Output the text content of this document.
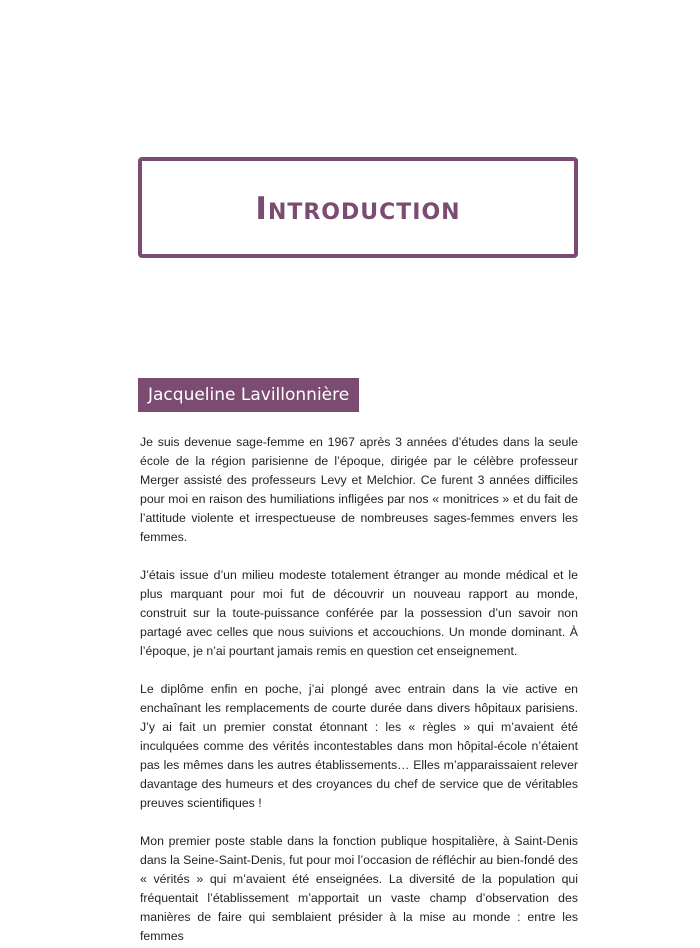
Introduction
Jacqueline Lavillonnière

Je suis devenue sage-femme en 1967 après 3 années d’études dans la seule école de la région parisienne de l’époque, dirigée par le célèbre professeur Merger assisté des professeurs Levy et Melchior. Ce furent 3 années difficiles pour moi en raison des humiliations infligées par nos « monitrices » et du fait de l’attitude violente et irrespectueuse de nombreuses sages-femmes envers les femmes.

J’étais issue d’un milieu modeste totalement étranger au monde médical et le plus marquant pour moi fut de découvrir un nouveau rapport au monde, construit sur la toute-puissance conférée par la possession d’un savoir non partagé avec celles que nous suivions et accouchions. Un monde dominant. À l’époque, je n’ai pourtant jamais remis en question cet enseignement.

Le diplôme enfin en poche, j’ai plongé avec entrain dans la vie active en enchaînant les remplacements de courte durée dans divers hôpitaux parisiens. J’y ai fait un premier constat étonnant : les « règles » qui m’avaient été inculquées comme des vérités incontestables dans mon hôpital-école n’étaient pas les mêmes dans les autres établissements… Elles m’apparaissaient relever davantage des humeurs et des croyances du chef de service que de véritables preuves scientifiques !

Mon premier poste stable dans la fonction publique hospitalière, à Saint-Denis dans la Seine-Saint-Denis, fut pour moi l’occasion de réfléchir au bien-fondé des « vérités » qui m’avaient été enseignées. La diversité de la population qui fréquentait l’établissement m’apportait un vaste champ d’observation des manières de faire qui semblaient présider à la mise au monde : entre les femmes
